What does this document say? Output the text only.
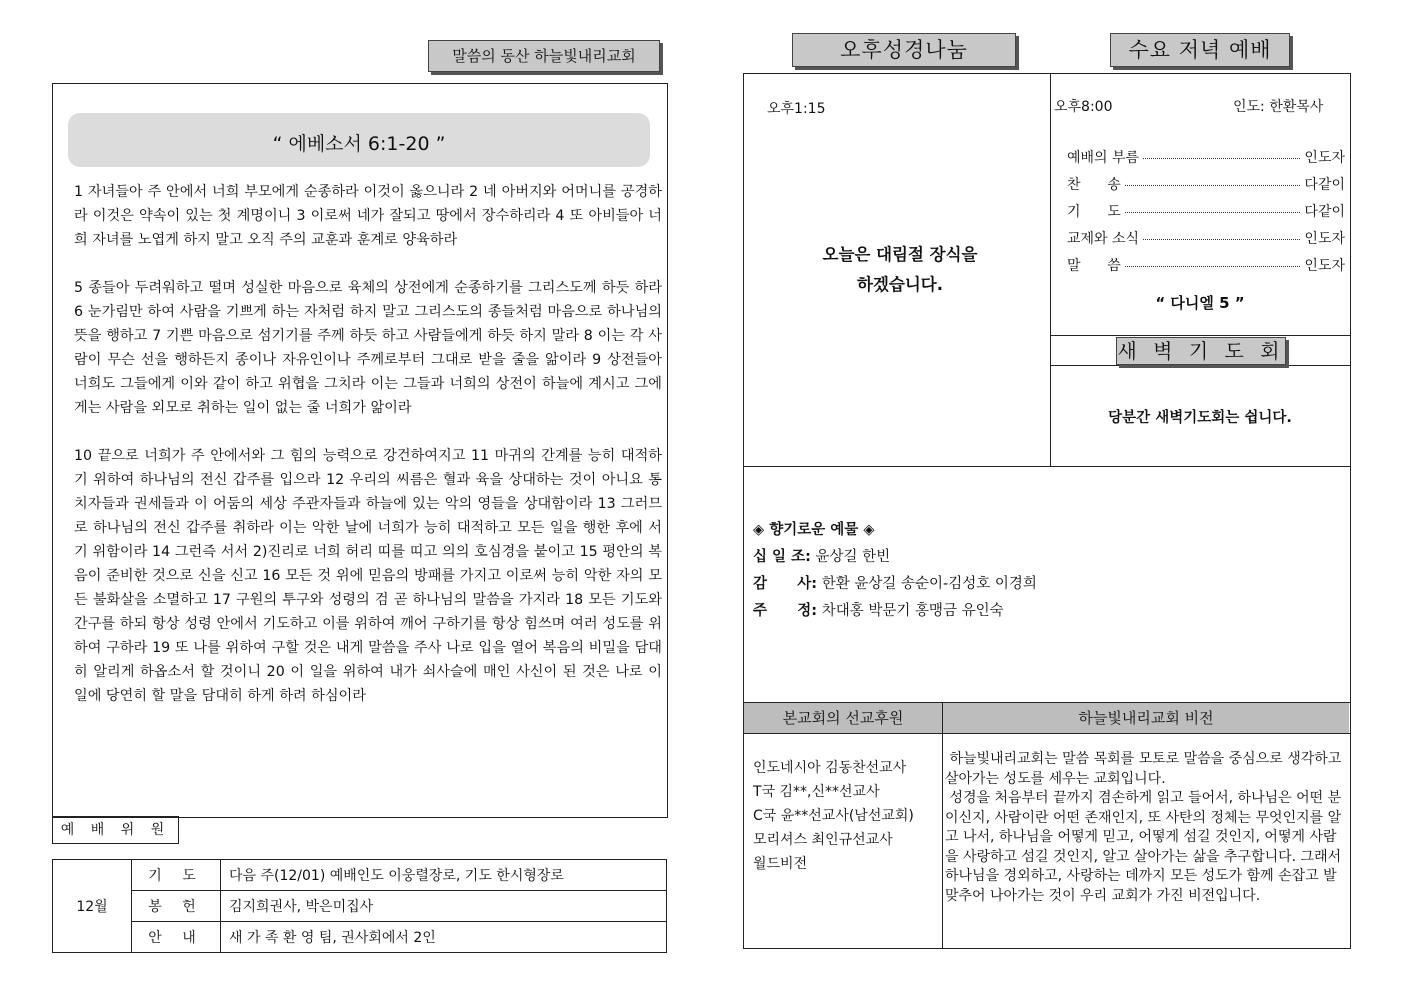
말씀의 동산 하늘빛내리교회
“ 에베소서 6:1-20 ”

1 자녀들아 주 안에서 너희 부모에게 순종하라 이것이 옳으니라 2 네 아버지와 어머니를 공경하라 이것은 약속이 있는 첫 계명이니 3 이로써 네가 잘되고 땅에서 장수하리라 4 또 아비들아 너희 자녀를 노엽게 하지 말고 오직 주의 교훈과 훈계로 양육하라

5 종들아 두려워하고 떨며 성실한 마음으로 육체의 상전에게 순종하기를 그리스도께 하듯 하라 6 눈가림만 하여 사람을 기쁘게 하는 자처럼 하지 말고 그리스도의 종들처럼 마음으로 하나님의 뜻을 행하고 7 기쁜 마음으로 섬기기를 주께 하듯 하고 사람들에게 하듯 하지 말라 8 이는 각 사람이 무슨 선을 행하든지 종이나 자유인이나 주께로부터 그대로 받을 줄을 앎이라 9 상전들아 너희도 그들에게 이와 같이 하고 위협을 그치라 이는 그들과 너희의 상전이 하늘에 계시고 그에게는 사람을 외모로 취하는 일이 없는 줄 너희가 앎이라

10 끝으로 너희가 주 안에서와 그 힘의 능력으로 강건하여지고 11 마귀의 간계를 능히 대적하기 위하여 하나님의 전신 갑주를 입으라 12 우리의 씨름은 혈과 육을 상대하는 것이 아니요 통치자들과 권세들과 이 어둠의 세상 주관자들과 하늘에 있는 악의 영들을 상대함이라 13 그러므로 하나님의 전신 갑주를 취하라 이는 악한 날에 너희가 능히 대적하고 모든 일을 행한 후에 서기 위함이라 14 그런즉 서서 2)진리로 너희 허리 띠를 띠고 의의 호심경을 붙이고 15 평안의 복음이 준비한 것으로 신을 신고 16 모든 것 위에 믿음의 방패를 가지고 이로써 능히 악한 자의 모든 불화살을 소멸하고 17 구원의 투구와 성령의 검 곧 하나님의 말씀을 가지라 18 모든 기도와 간구를 하되 항상 성령 안에서 기도하고 이를 위하여 깨어 구하기를 항상 힘쓰며 여러 성도를 위하여 구하라 19 또 나를 위하여 구할 것은 내게 말씀을 주사 나로 입을 열어 복음의 비밀을 담대히 알리게 하옵소서 할 것이니 20 이 일을 위하여 내가 쇠사슬에 매인 사신이 된 것은 나로 이 일에 당연히 할 말을 담대히 하게 하려 하심이라

예 배 위 원
12월	기 도	다음 주(12/01) 예배인도 이웅렬장로, 기도 한시형장로
	봉 헌	김지희권사, 박은미집사
	안 내	새 가 족 환 영 팀, 권사회에서 2인
오후성경나눔	수요 저녁 예배
오후1:15
오늘은 대림절 장식을
하겠습니다.
오후8:00	인도: 한환목사
예배의 부름	인도자
찬      송	다같이
기      도	다같이
교제와 소식	인도자
말      씀	인도자
“ 다니엘 5 ”
새 벽 기 도 회
당분간 새벽기도회는 쉽니다.
◈ 향기로운 예물 ◈
십 일 조: 윤상길 한빈
감      사: 한환 윤상길 송순이-김성호 이경희
주      정: 차대홍 박문기 홍맹금 유인숙
본교회의 선교후원	하늘빛내리교회 비전
인도네시아 김동찬선교사
T국 김**,신**선교사
C국 윤**선교사(남선교회)
모리셔스 최인규선교사
월드비전
하늘빛내리교회는 말씀 목회를 모토로 말씀을 중심으로 생각하고 살아가는 성도를 세우는 교회입니다.
성경을 처음부터 끝까지 겸손하게 읽고 들어서, 하나님은 어떤 분이신지, 사람이란 어떤 존재인지, 또 사탄의 정체는 무엇인지를 알고 나서, 하나님을 어떻게 믿고, 어떻게 섬길 것인지, 어떻게 사람을 사랑하고 섬길 것인지, 알고 살아가는 삶을 추구합니다. 그래서 하나님을 경외하고, 사랑하는 데까지 모든 성도가 함께 손잡고 발맞추어 나아가는 것이 우리 교회가 가진 비전입니다.
